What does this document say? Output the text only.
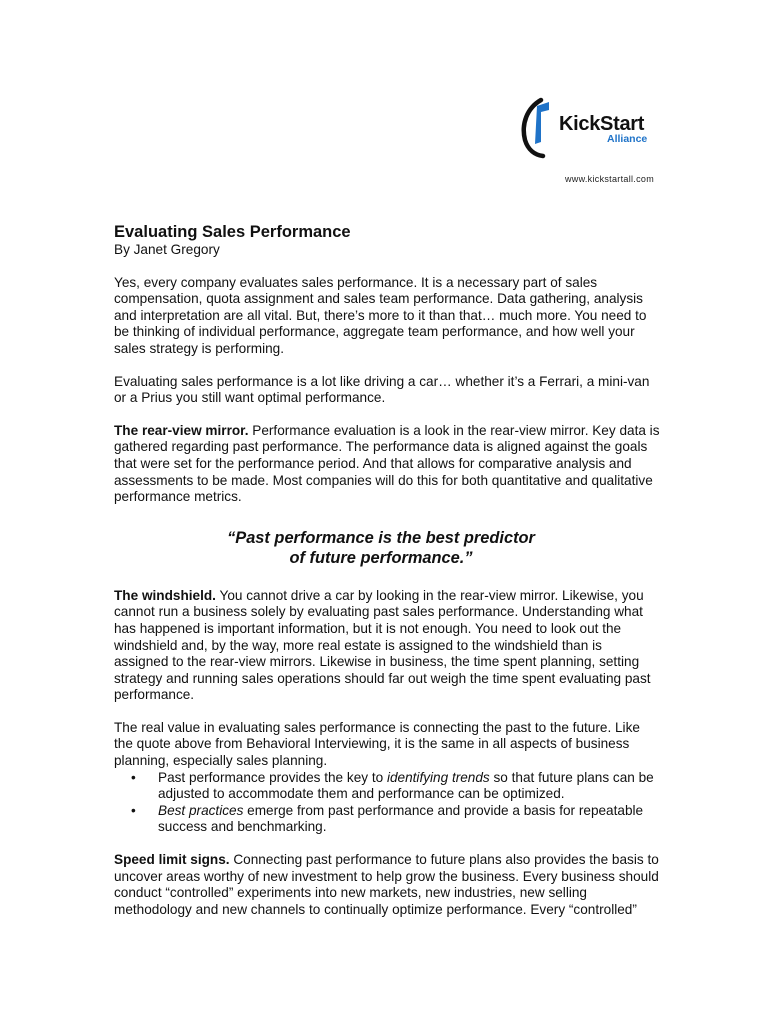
KickStart
Alliance
www.kickstartall.com
Evaluating Sales Performance

By Janet Gregory

Yes, every company evaluates sales performance. It is a necessary part of sales compensation, quota assignment and sales team performance. Data gathering, analysis and interpretation are all vital. But, there’s more to it than that… much more. You need to be thinking of individual performance, aggregate team performance, and how well your sales strategy is performing.

Evaluating sales performance is a lot like driving a car… whether it’s a Ferrari, a mini-van or a Prius you still want optimal performance.

The rear-view mirror. Performance evaluation is a look in the rear-view mirror. Key data is gathered regarding past performance. The performance data is aligned against the goals that were set for the performance period. And that allows for comparative analysis and assessments to be made. Most companies will do this for both quantitative and qualitative performance metrics.

“Past performance is the best predictor
of future performance.”

The windshield. You cannot drive a car by looking in the rear-view mirror. Likewise, you cannot run a business solely by evaluating past sales performance. Understanding what has happened is important information, but it is not enough. You need to look out the windshield and, by the way, more real estate is assigned to the windshield than is assigned to the rear-view mirrors. Likewise in business, the time spent planning, setting strategy and running sales operations should far out weigh the time spent evaluating past performance.

The real value in evaluating sales performance is connecting the past to the future. Like the quote above from Behavioral Interviewing, it is the same in all aspects of business planning, especially sales planning.

• Past performance provides the key to identifying trends so that future plans can be adjusted to accommodate them and performance can be optimized.
• Best practices emerge from past performance and provide a basis for repeatable success and benchmarking.

Speed limit signs. Connecting past performance to future plans also provides the basis to uncover areas worthy of new investment to help grow the business. Every business should conduct “controlled” experiments into new markets, new industries, new selling methodology and new channels to continually optimize performance. Every “controlled”
